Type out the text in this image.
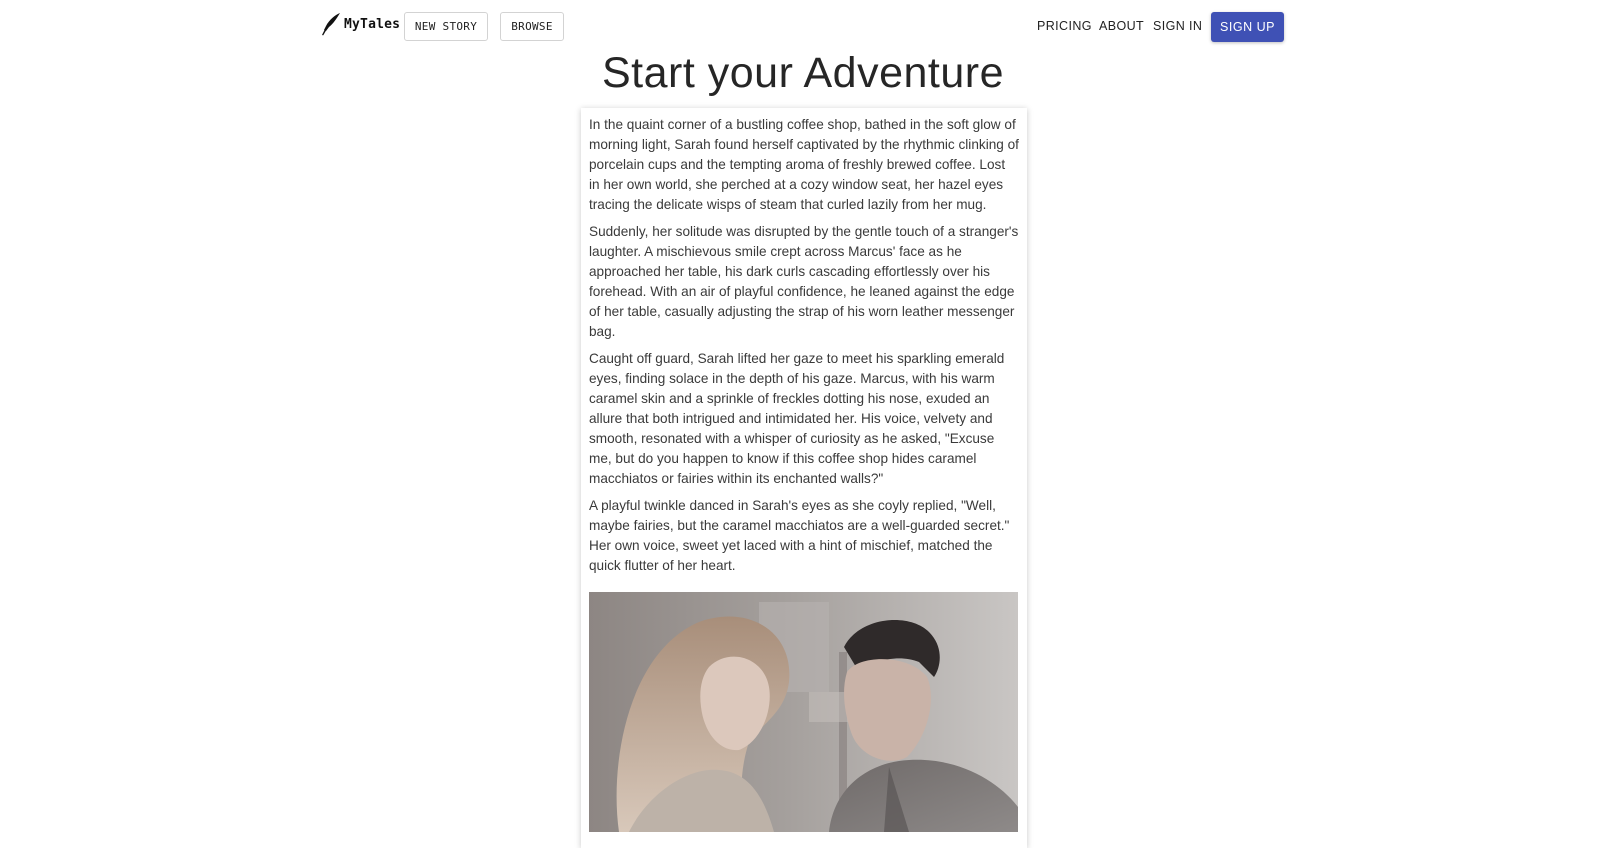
MyTales	NEW STORY	BROWSE	PRICING ABOUT SIGN IN	SIGN UP
Start your Adventure

In the quaint corner of a bustling coffee shop, bathed in the soft glow of morning light, Sarah found herself captivated by the rhythmic clinking of porcelain cups and the tempting aroma of freshly brewed coffee. Lost in her own world, she perched at a cozy window seat, her hazel eyes tracing the delicate wisps of steam that curled lazily from her mug.

Suddenly, her solitude was disrupted by the gentle touch of a stranger's laughter. A mischievous smile crept across Marcus' face as he approached her table, his dark curls cascading effortlessly over his forehead. With an air of playful confidence, he leaned against the edge of her table, casually adjusting the strap of his worn leather messenger bag.

Caught off guard, Sarah lifted her gaze to meet his sparkling emerald eyes, finding solace in the depth of his gaze. Marcus, with his warm caramel skin and a sprinkle of freckles dotting his nose, exuded an allure that both intrigued and intimidated her. His voice, velvety and smooth, resonated with a whisper of curiosity as he asked, "Excuse me, but do you happen to know if this coffee shop hides caramel macchiatos or fairies within its enchanted walls?"

A playful twinkle danced in Sarah's eyes as she coyly replied, "Well, maybe fairies, but the caramel macchiatos are a well-guarded secret." Her own voice, sweet yet laced with a hint of mischief, matched the quick flutter of her heart.
